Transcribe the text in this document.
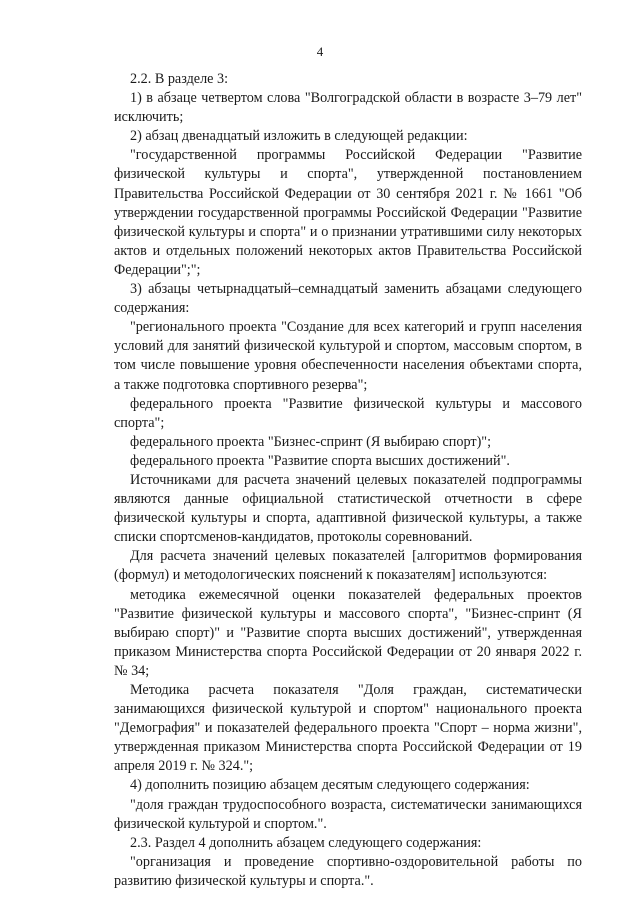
4

2.2. В разделе 3:

1) в абзаце четвертом слова "Волгоградской области в возрасте 3–79 лет" исключить;

2) абзац двенадцатый изложить в следующей редакции:

"государственной программы Российской Федерации "Развитие физической культуры и спорта", утвержденной постановлением Правительства Российской Федерации от 30 сентября 2021 г. № 1661 "Об утверждении государственной программы Российской Федерации "Развитие физической культуры и спорта" и о признании утратившими силу некоторых актов и отдельных положений некоторых актов Правительства Российской Федерации";";

3) абзацы четырнадцатый–семнадцатый заменить абзацами следующего содержания:

"регионального проекта "Создание для всех категорий и групп населения условий для занятий физической культурой и спортом, массовым спортом, в том числе повышение уровня обеспеченности населения объектами спорта, а также подготовка спортивного резерва";

федерального проекта "Развитие физической культуры и массового спорта";

федерального проекта "Бизнес-спринт (Я выбираю спорт)";

федерального проекта "Развитие спорта высших достижений".

Источниками для расчета значений целевых показателей подпрограммы являются данные официальной статистической отчетности в сфере физической культуры и спорта, адаптивной физической культуры, а также списки спортсменов-кандидатов, протоколы соревнований.

Для расчета значений целевых показателей [алгоритмов формирования (формул) и методологических пояснений к показателям] используются:

методика ежемесячной оценки показателей федеральных проектов "Развитие физической культуры и массового спорта", "Бизнес-спринт (Я выбираю спорт)" и "Развитие спорта высших достижений", утвержденная приказом Министерства спорта Российской Федерации от 20 января 2022 г. № 34;

Методика расчета показателя "Доля граждан, систематически занимающихся физической культурой и спортом" национального проекта "Демография" и показателей федерального проекта "Спорт – норма жизни", утвержденная приказом Министерства спорта Российской Федерации от 19 апреля 2019 г. № 324.";

4) дополнить позицию абзацем десятым следующего содержания:

"доля граждан трудоспособного возраста, систематически занимающихся физической культурой и спортом.".

2.3. Раздел 4 дополнить абзацем следующего содержания:

"организация и проведение спортивно-оздоровительной работы по развитию физической культуры и спорта.".
